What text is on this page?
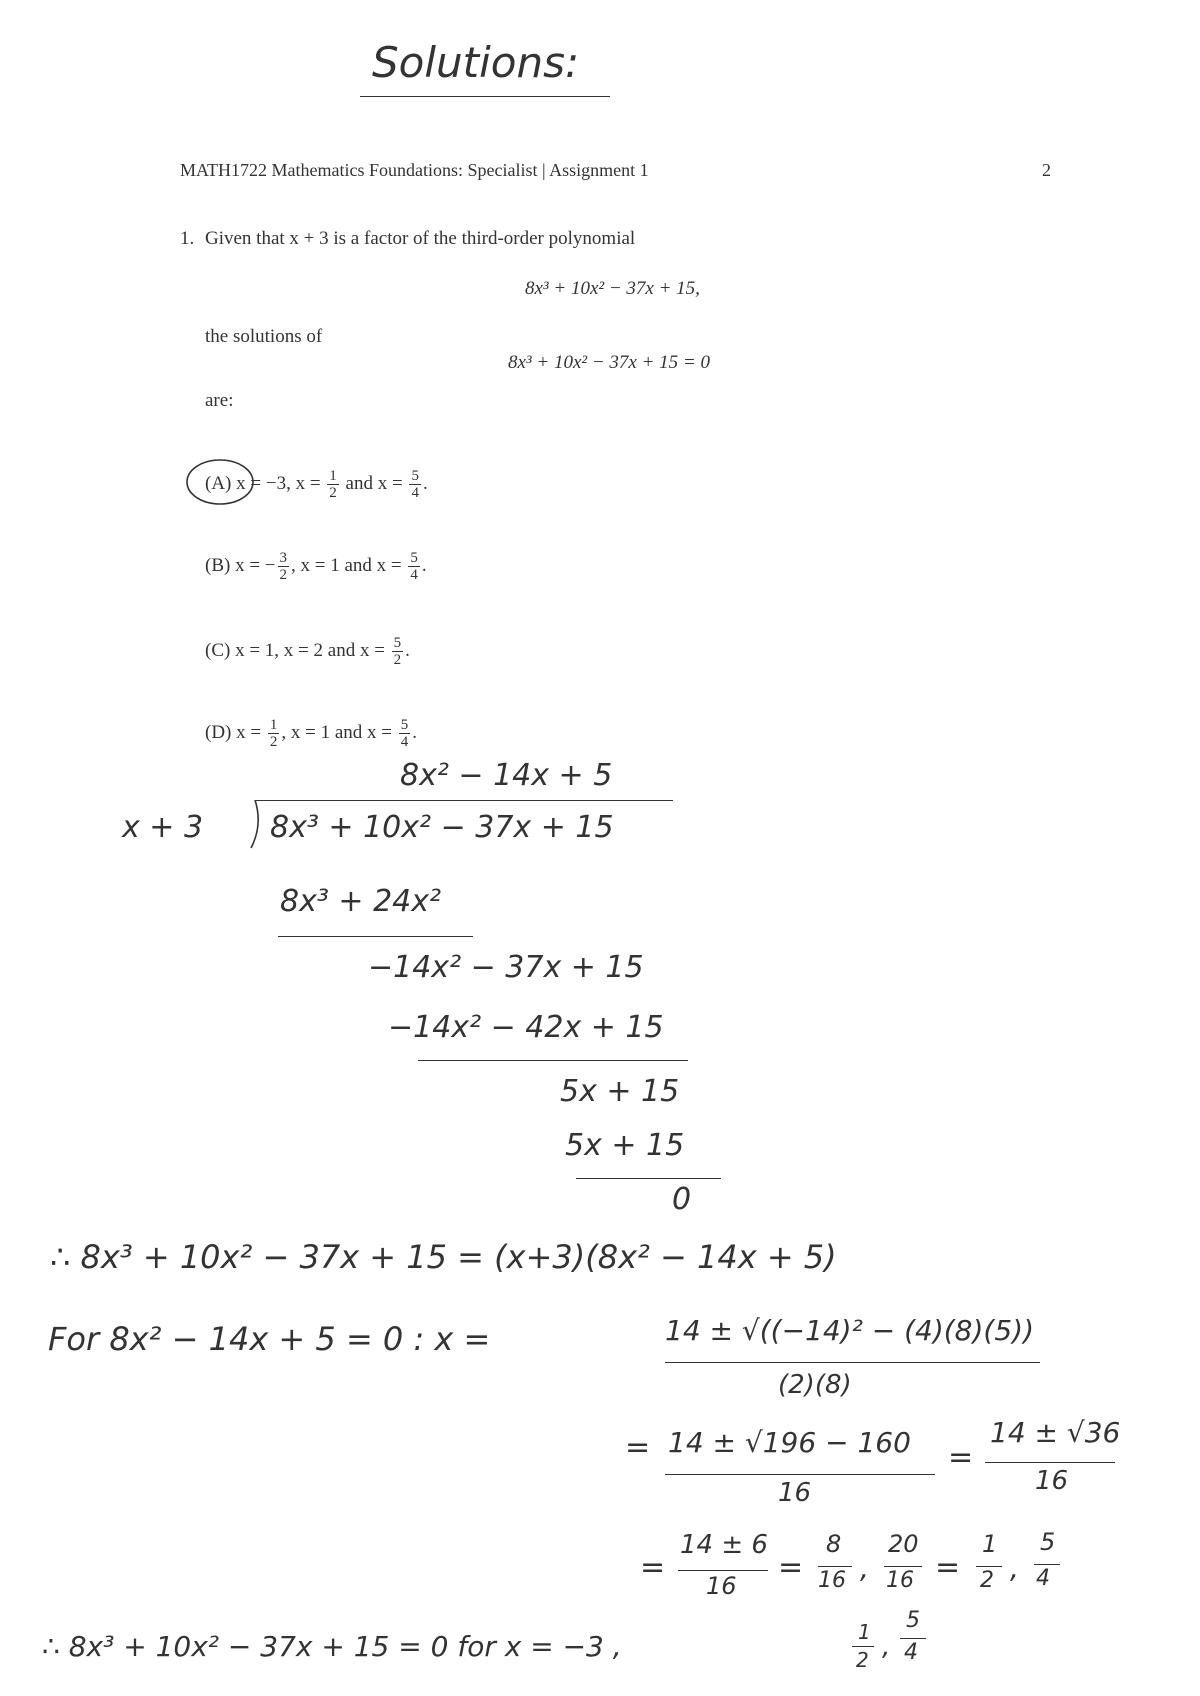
Solutions:
MATH1722 Mathematics Foundations: Specialist | Assignment 1	2
1. Given that x + 3 is a factor of the third-order polynomial
8x³ + 10x² − 37x + 15,
the solutions of
8x³ + 10x² − 37x + 15 = 0
are:
(A) x = −3, $x = \frac{1}{2}$ and $x = \frac{5}{4}$ .
(B) x = − $\frac{3}{2}$ , x = 1 and $x = \frac{5}{4}$ .
(C) x = 1, x = 2 and $x = \frac{5}{2}$ .
(D) $x = \frac{1}{2}$ , x = 1 and $x = \frac{5}{4}$ .
8x² − 14x + 5
x + 3 8x³ + 10x² − 37x + 15
8x³ + 24x²
−14x² − 37x + 15
−14x² − 42x + 15
5x + 15
5x + 15
0
∴ 8x³ + 10x² − 37x + 15 = (x+3)(8x² − 14x + 5)
For 8x² − 14x + 5 = 0 : x =	14 ± √((−14)² − (4)(8)(5))
(2)(8)
= 14 ± √196 − 160
16
=
14 ± √36
16
=
14 ± 6
16
=
8
16 ,
20
16 =
1
2 ,
5
4
∴ 8x³ + 10x² − 37x + 15 = 0 for x = −3 ,	1
2 ,
5
4
